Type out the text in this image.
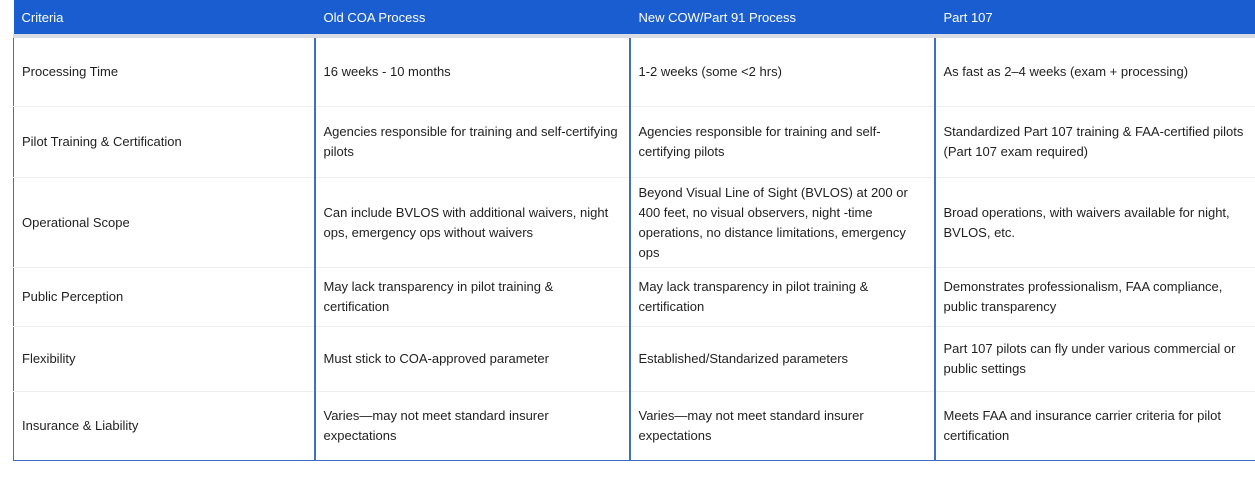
Criteria	Old COA Process	New COW/Part 91 Process	Part 107
Processing Time	16 weeks - 10 months	1-2 weeks (some <2 hrs)	As fast as 2–4 weeks (exam + processing)
Pilot Training & Certification	Agencies responsible for training and self-certifying pilots	Agencies responsible for training and self-certifying pilots	Standardized Part 107 training & FAA-certified pilots (Part 107 exam required)
Operational Scope	Can include BVLOS with additional waivers, night ops, emergency ops without waivers	Beyond Visual Line of Sight (BVLOS) at 200 or 400 feet, no visual observers, night -time operations, no distance limitations, emergency ops	Broad operations, with waivers available for night, BVLOS, etc.
Public Perception	May lack transparency in pilot training & certification	May lack transparency in pilot training & certification	Demonstrates professionalism, FAA compliance, public transparency
Flexibility	Must stick to COA-approved parameter	Established/Standarized parameters	Part 107 pilots can fly under various commercial or public settings
Insurance & Liability	Varies—may not meet standard insurer expectations	Varies—may not meet standard insurer expectations	Meets FAA and insurance carrier criteria for pilot certification
